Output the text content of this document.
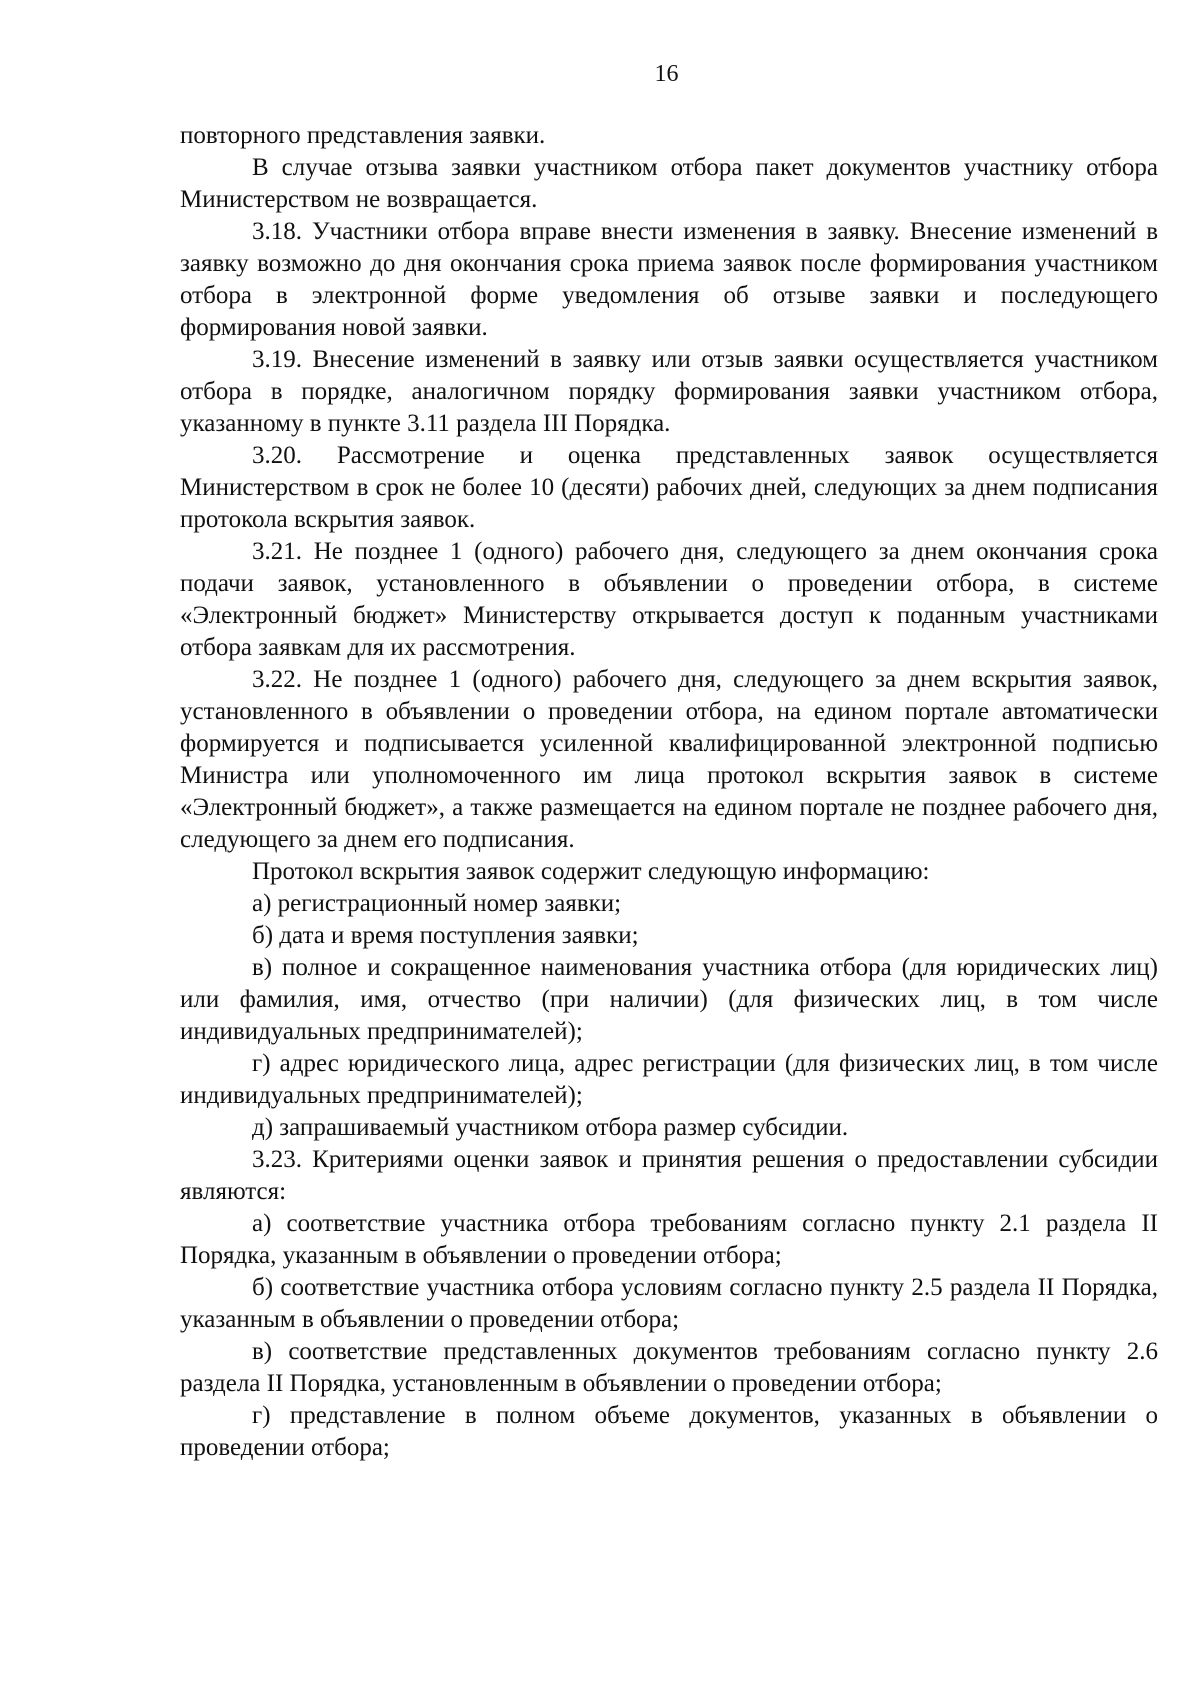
16

повторного представления заявки.

В случае отзыва заявки участником отбора пакет документов участнику отбора Министерством не возвращается.

3.18. Участники отбора вправе внести изменения в заявку. Внесение изменений в заявку возможно до дня окончания срока приема заявок после формирования участником отбора в электронной форме уведомления об отзыве заявки и последующего формирования новой заявки.

3.19. Внесение изменений в заявку или отзыв заявки осуществляется участником отбора в порядке, аналогичном порядку формирования заявки участником отбора, указанному в пункте 3.11 раздела III Порядка.

3.20. Рассмотрение и оценка представленных заявок осуществляется Министерством в срок не более 10 (десяти) рабочих дней, следующих за днем подписания протокола вскрытия заявок.

3.21. Не позднее 1 (одного) рабочего дня, следующего за днем окончания срока подачи заявок, установленного в объявлении о проведении отбора, в системе «Электронный бюджет» Министерству открывается доступ к поданным участниками отбора заявкам для их рассмотрения.

3.22. Не позднее 1 (одного) рабочего дня, следующего за днем вскрытия заявок, установленного в объявлении о проведении отбора, на едином портале автоматически формируется и подписывается усиленной квалифицированной электронной подписью Министра или уполномоченного им лица протокол вскрытия заявок в системе «Электронный бюджет», а также размещается на едином портале не позднее рабочего дня, следующего за днем его подписания.

Протокол вскрытия заявок содержит следующую информацию:

а) регистрационный номер заявки;

б) дата и время поступления заявки;

в) полное и сокращенное наименования участника отбора (для юридических лиц) или фамилия, имя, отчество (при наличии) (для физических лиц, в том числе индивидуальных предпринимателей);

г) адрес юридического лица, адрес регистрации (для физических лиц, в том числе индивидуальных предпринимателей);

д) запрашиваемый участником отбора размер субсидии.

3.23. Критериями оценки заявок и принятия решения о предоставлении субсидии являются:

а) соответствие участника отбора требованиям согласно пункту 2.1 раздела II Порядка, указанным в объявлении о проведении отбора;

б) соответствие участника отбора условиям согласно пункту 2.5 раздела II Порядка, указанным в объявлении о проведении отбора;

в) соответствие представленных документов требованиям согласно пункту 2.6 раздела II Порядка, установленным в объявлении о проведении отбора;

г) представление в полном объеме документов, указанных в объявлении о проведении отбора;
